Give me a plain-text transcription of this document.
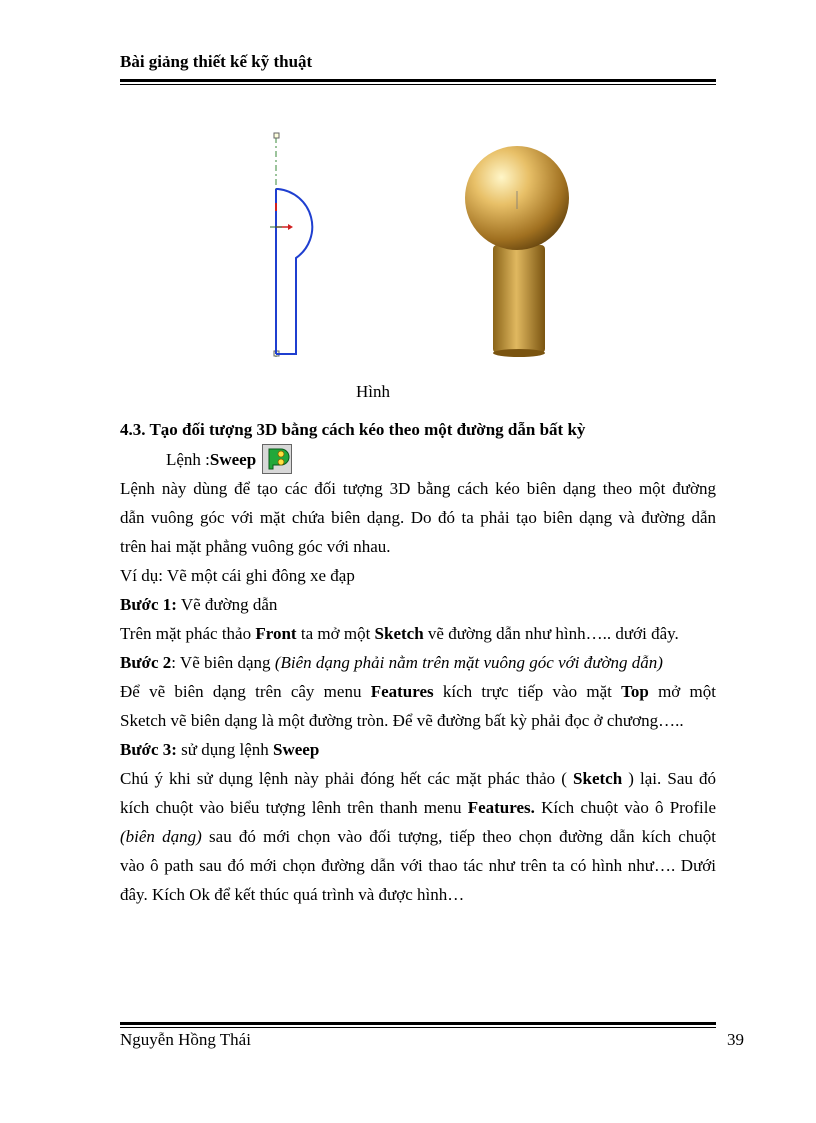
Bài giảng thiết kế kỹ thuật
Hình

4.3. Tạo đối tượng 3D bằng cách kéo theo một đường dẫn bất kỳ

Lệnh : Sweep

Lệnh này dùng để tạo các đối tượng 3D bằng cách kéo biên dạng theo một đường

dẫn vuông góc với mặt chứa biên dạng. Do đó ta phải tạo biên dạng và đường dẫn

trên hai mặt phẳng vuông góc với nhau.

Ví dụ: Vẽ một cái ghi đông xe đạp

Bước 1: Vẽ đường dẫn

Trên mặt phác thảo Front ta mở một Sketch vẽ đường dẫn như hình….. dưới đây.

Bước 2: Vẽ biên dạng (Biên dạng phải nằm trên mặt vuông góc với đường dẫn)

Để vẽ biên dạng trên cây menu Features kích trực tiếp vào mặt Top mở một

Sketch vẽ biên dạng là một đường tròn. Để vẽ đường bất kỳ phải đọc ở chương…..

Bước 3: sử dụng lệnh Sweep

Chú ý khi sử dụng lệnh này phải đóng hết các mặt phác thảo ( Sketch ) lại. Sau đó

kích chuột vào biểu tượng lênh trên thanh menu Features. Kích chuột vào ô Profile

(biên dạng) sau đó mới chọn vào đối tượng, tiếp theo chọn đường dẫn kích chuột

vào ô path sau đó mới chọn đường dẫn với thao tác như trên ta có hình như…. Dưới

đây. Kích Ok để kết thúc quá trình và được hình…

Nguyễn Hồng Thái	39
